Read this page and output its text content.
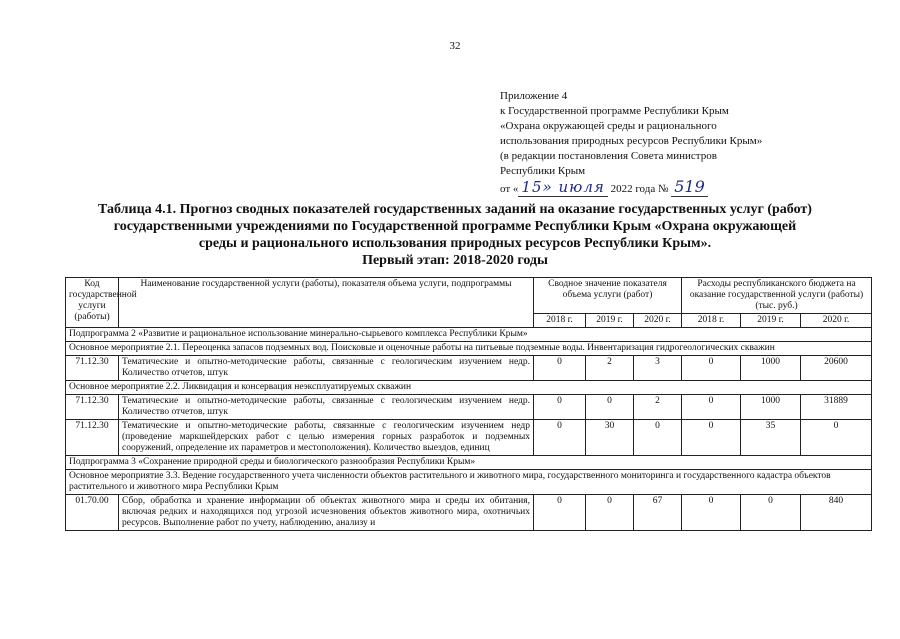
32
Приложение 4
к Государственной программе Республики Крым
«Охрана окружающей среды и рационального
использования природных ресурсов Республики Крым»
(в редакции постановления Совета министров
Республики Крым
от « 15» июля 2022 года № 519
Таблица 4.1. Прогноз сводных показателей государственных заданий на оказание государственных услуг (работ)
государственными учреждениями по Государственной программе Республики Крым «Охрана окружающей
среды и рационального использования природных ресурсов Республики Крым».
Первый этап: 2018-2020 годы
Код государственной услуги (работы)	Наименование государственной услуги (работы), показателя объема услуги, подпрограммы	Сводное значение показателя объема услуги (работ)			Расходы республиканского бюджета на оказание государственной услуги (работы) (тыс. руб.)		
		2018 г.	2019 г.	2020 г.	2018 г.	2019 г.	2020 г.
Подпрограмма 2 «Развитие и рациональное использование минерально-сырьевого комплекса Республики Крым»							
Основное мероприятие 2.1. Переоценка запасов подземных вод. Поисковые и оценочные работы на питьевые подземные воды. Инвентаризация гидрогеологических скважин							
71.12.30	Тематические и опытно-методические работы, связанные с геологическим изучением недр. Количество отчетов, штук	0	2	3	0	1000	20600
Основное мероприятие 2.2. Ликвидация и консервация неэксплуатируемых скважин							
71.12.30	Тематические и опытно-методические работы, связанные с геологическим изучением недр. Количество отчетов, штук	0	0	2	0	1000	31889
71.12.30	Тематические и опытно-методические работы, связанные с геологическим изучением недр (проведение маркшейдерских работ с целью измерения горных разработок и подземных сооружений, определение их параметров и местоположения). Количество выездов, единиц	0	30	0	0	35	0
Подпрограмма 3 «Сохранение природной среды и биологического разнообразия Республики Крым»							
Основное мероприятие 3.3. Ведение государственного учета численности объектов растительного и животного мира, государственного мониторинга и государственного кадастра объектов растительного и животного мира Республики Крым							
01.70.00	Сбор, обработка и хранение информации об объектах животного мира и среды их обитания, включая редких и находящихся под угрозой исчезновения объектов животного мира, охотничьих ресурсов. Выполнение работ по учету, наблюдению, анализу и	0	0	67	0	0	840
